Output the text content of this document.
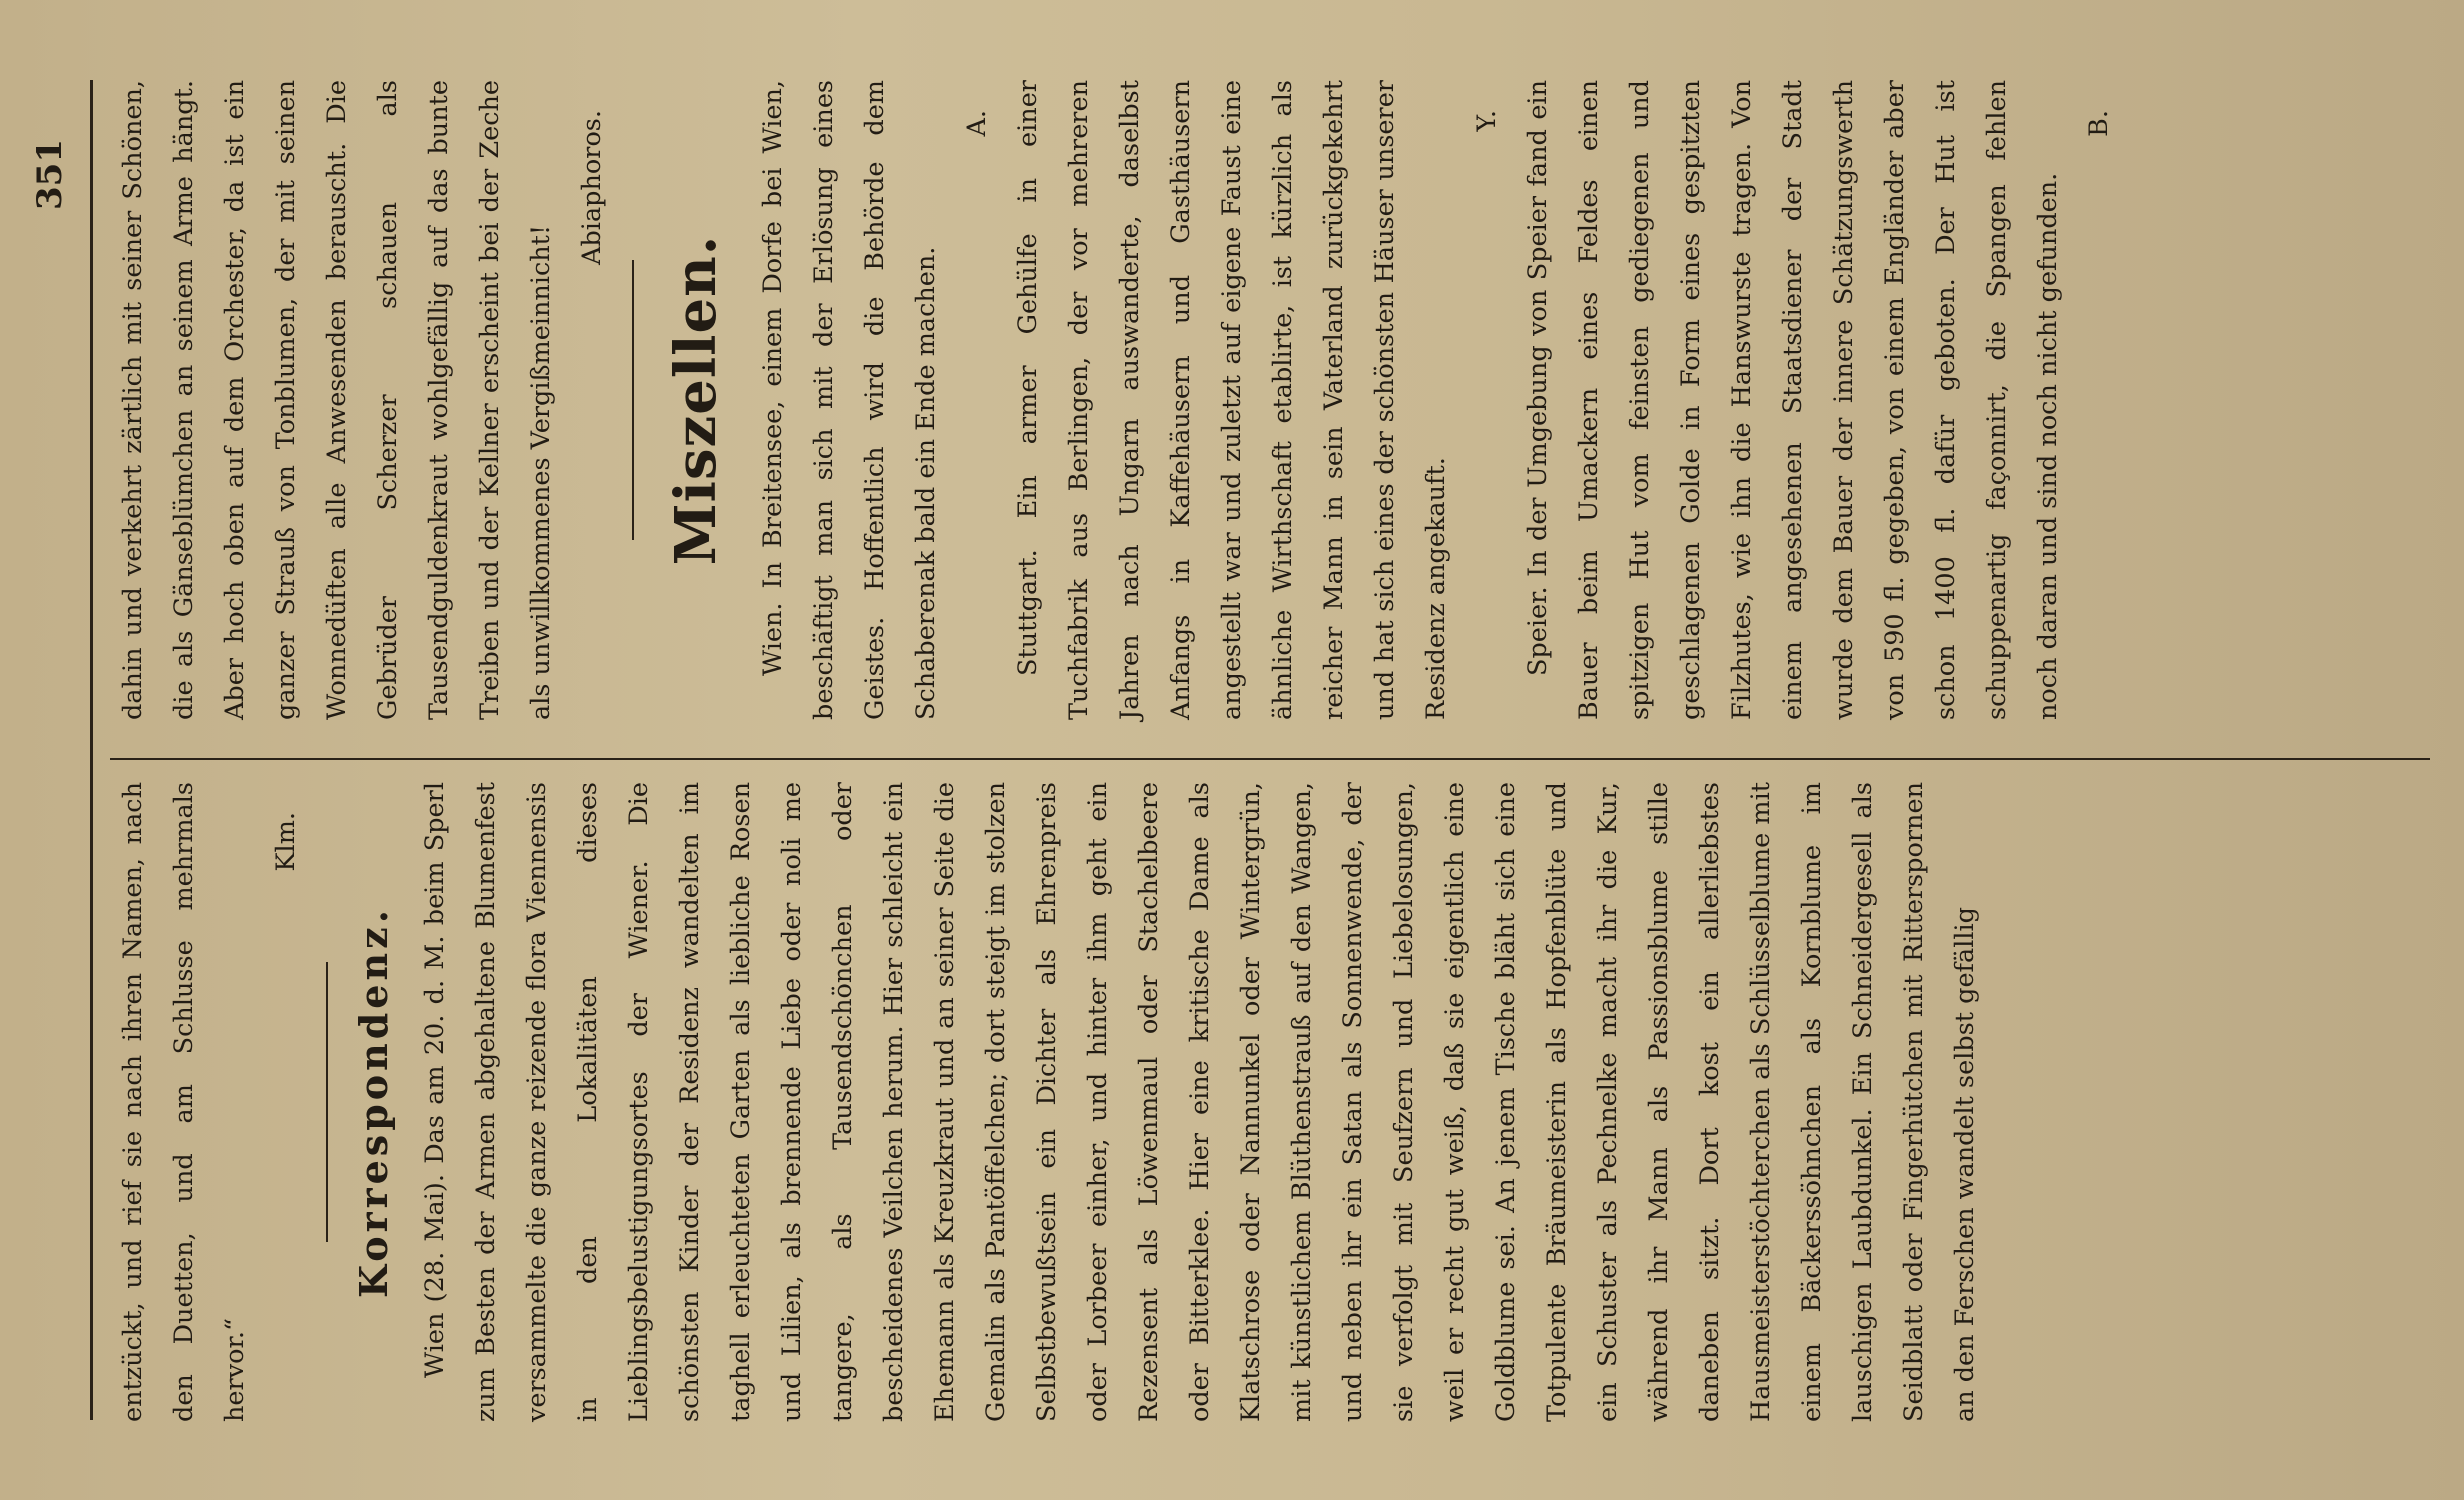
351

entzückt, und rief sie nach ihren Namen, nach den Duetten, und am Schlusse mehrmals hervor.“

Klm.
Korrespondenz. Wien (28. Mai). Das am 20. d. M. beim Sperl zum Besten der Armen abgehaltene Blumenfest versammelte die ganze reizende flora Viennensis in den Lokalitäten dieses Lieblingsbelustigungsortes der Wiener. Die schönsten Kinder der Residenz wandelten im taghell erleuchteten Garten als liebliche Rosen und Lilien, als brennende Liebe oder noli me tangere, als Tausendschönchen oder bescheidenes Veilchen herum. Hier schleicht ein Ehemann als Kreuzkraut und an seiner Seite die Gemalin als Pantöffelchen; dort steigt im stolzen Selbstbewußtsein ein Dichter als Ehrenpreis oder Lorbeer einher, und hinter ihm geht ein Rezensent als Löwenmaul oder Stachelbeere oder Bitterklee. Hier eine kritische Dame als Klatschrose oder Nannunkel oder Wintergrün, mit künstlichem Blüthenstrauß auf den Wangen, und neben ihr ein Satan als Sonnenwende, der sie verfolgt mit Seufzern und Liebelosungen, weil er recht gut weiß, daß sie eigentlich eine Goldblume sei. An jenem Tische bläht sich eine Totpulente Bräumeisterin als Hopfenblüte und ein Schuster als Pechnelke macht ihr die Kur, während ihr Mann als Passionsblume stille daneben sitzt. Dort kost ein allerliebstes Hausmeisterstöchterchen als Schlüsselblume mit einem Bäckerssöhnchen als Kornblume im lauschigen Laubdunkel. Ein Schneidergesell als Seidblatt oder Fingerhütchen mit Ritterspornen an den Ferschen wandelt selbst gefällig

dahin und verkehrt zärtlich mit seiner Schönen, die als Gänseblümchen an seinem Arme hängt. Aber hoch oben auf dem Orchester, da ist ein ganzer Strauß von Tonblumen, der mit seinen Wonnedüften alle Anwesenden berauscht. Die Gebrüder Scherzer schauen als Tausendguldenkraut wohlgefällig auf das bunte Treiben und der Kellner erscheint bei der Zeche als unwillkommenes Vergißmeinnicht!

Abiaphoros.
Miszellen.	Wien. In Breitensee, einem Dorfe bei Wien, beschäftigt man sich mit der Erlösung eines Geistes. Hoffentlich wird die Behörde dem Schaberenak bald ein Ende machen.

A. Stuttgart. Ein armer Gehülfe in einer Tuchfabrik aus Berlingen, der vor mehreren Jahren nach Ungarn auswanderte, daselbst Anfangs in Kaffehäusern und Gasthäusern angestellt war und zuletzt auf eigene Faust eine ähnliche Wirthschaft etablirte, ist kürzlich als reicher Mann in sein Vaterland zurückgekehrt und hat sich eines der schönsten Häuser unserer Residenz angekauft.

Y. Speier. In der Umgebung von Speier fand ein Bauer beim Umackern eines Feldes einen spitzigen Hut vom feinsten gediegenen und geschlagenen Golde in Form eines gespitzten Filzhutes, wie ihn die Hanswurste tragen. Von einem angesehenen Staatsdiener der Stadt wurde dem Bauer der innere Schätzungswerth von 590 fl. gegeben, von einem Engländer aber schon 1400 fl. dafür geboten. Der Hut ist schuppenartig façonnirt, die Spangen fehlen noch daran und sind noch nicht gefunden.

B.
